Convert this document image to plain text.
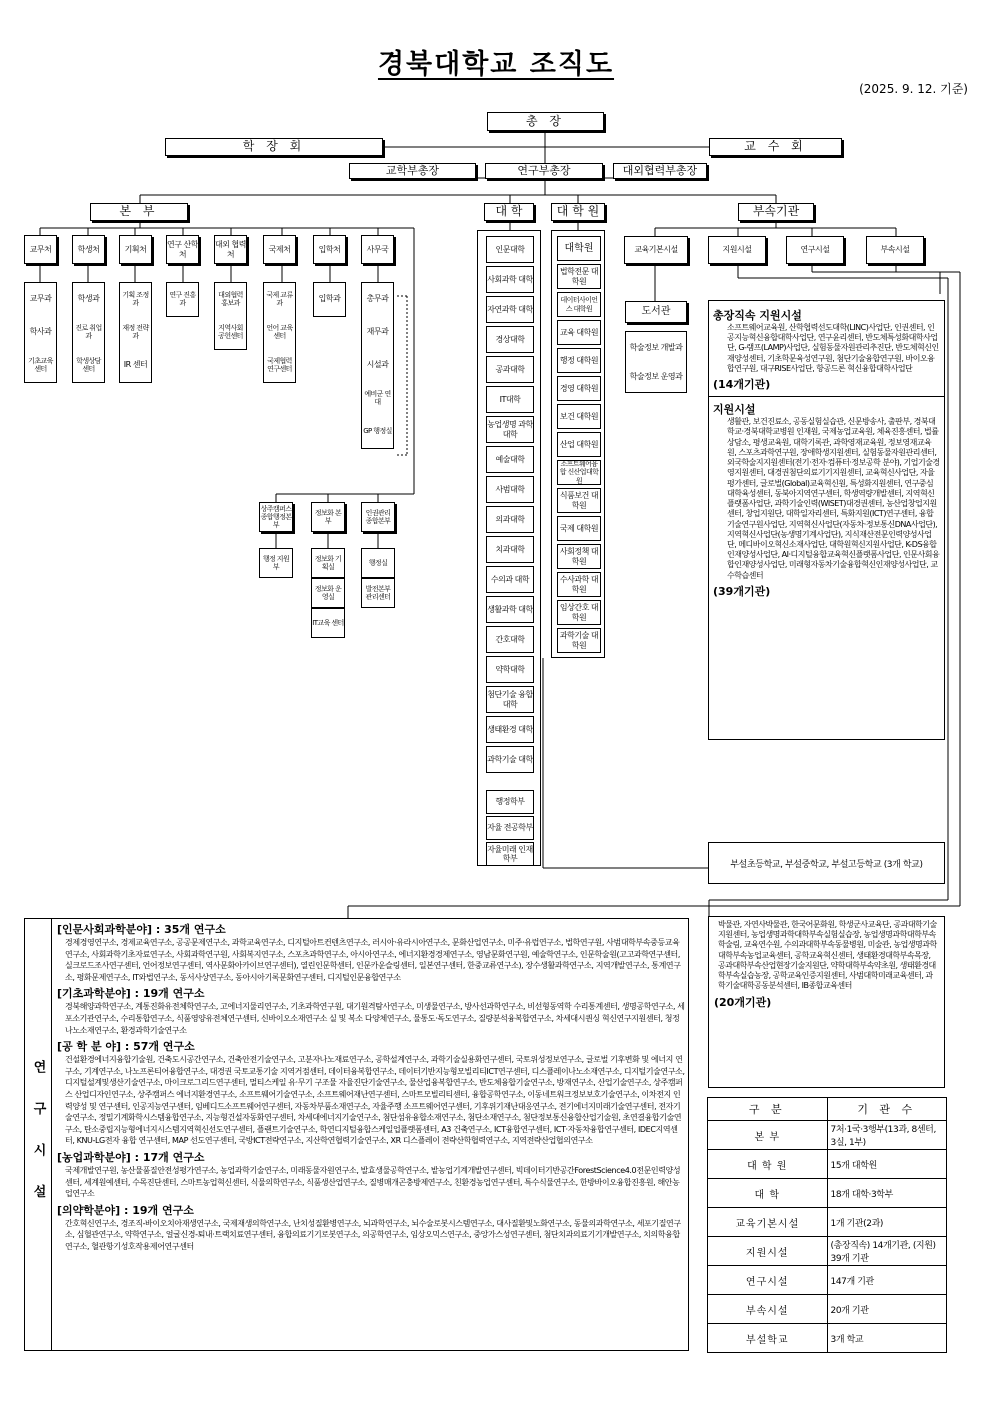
경북대학교 조직도
(2025. 9. 12. 기준)
총 장
학 장 회	교 수 회
교학부총장	연구부총장	대외협력부총장
본 부	대 학	대 학 원	부속기관
교무처
교무과
학사과
기초교육 센터
학생처
학생과
진로 취업과
학생상담 센터
기획처
기획 조정과
재정 전략과
IR 센터
연구 산학처
연구 진흥과
대외 협력처
대외협력 홍보과
지역사회 공헌센터
국제처
국제 교류과
언어 교육센터
국제협력 연구센터
입학처
입학과
사무국
총무과
재무과
시설과
예비군 연대
GP 행정실
상주캠퍼스 종합행정본부
행정 지원부
정보화 본부
정보화 기획실
정보화 운영실
IT교육 센터
인권관리 종합본부
행정실
발전본부 관리센터
인문대학
사회과학 대학
자연과학 대학
경상대학
공과대학
IT대학
농업생명 과학대학
예술대학
사범대학
의과대학
치과대학
수의과 대학
생활과학 대학
간호대학
약학대학
첨단기술 융합대학
생태환경 대학
과학기술 대학
행정학부
자율 전공학부
자율미래 인재학부
대학원
법학전문 대학원
데이터사이언스 대학원
교육 대학원
행정 대학원
경영 대학원
보건 대학원
산업 대학원
소프트웨어융합 신산업대학원
식품보건 대학원
국제 대학원
사회정책 대학원
수사과학 대학원
임상간호 대학원
과학기술 대학원
교육기본시설	지원시설	연구시설	부속시설
도서관
학술정보 개발과
학술정보 운영과
총장직속 지원시설
소프트웨어교육원, 산학협력선도대학(LINC)사업단, 인권센터, 인공지능혁신융합대학사업단, 연구윤리센터, 반도체특성화대학사업단, G-램프(LAMP)사업단, 실험동물자원관리추진단, 반도체혁신인재양성센터, 기초학문육성연구원, 첨단기술융합연구원, 바이오융합연구원, 대구RISE사업단, 항공드론 혁신융합대학사업단
(14개기관)
지원시설
생활관, 보건진료소, 공동실험실습관, 신문방송사, 출판부, 경북대학교·경북대학교병원 인재원, 국제농업교육원, 체육진흥센터, 법률상담소, 평생교육원, 대학기록관, 과학영재교육원, 정보영재교육원, 스포츠과학연구원, 장애학생지원센터, 실험동물자원관리센터, 외국학술지지원센터(전기·전자·컴퓨터·정보공학 분야), 기업기술경영지원센터, 대경권첨단의료기기지원센터, 교육혁신사업단, 자율평가센터, 글로벌(Global)교육혁신원, 특성화지원센터, 연구중심대학육성센터, 동북아지역연구센터, 학생역량개발센터, 지역혁신플랫폼사업단, 과학기술인력(WISET)대경권센터, 농산업창업지원센터, 창업지원단, 대학일자리센터, 특화지원(ICT)연구센터, 융합기술연구원사업단, 지역혁신사업단(자동차·정보통신DNA사업단), 지역혁신사업단(농생명기계사업단), 지식재산전문인력양성사업단, 메디바이오혁신소재사업단, 대학원혁신지원사업단, K-DS융합인재양성사업단, AI·디지털융합교육혁신플랫폼사업단, 인문사회융합인재양성사업단, 미래형자동차기술융합혁신인재양성사업단, 교수학습센터
(39개기관)
부설초등학교, 부설중학교, 부설고등학교 (3개 학교)
박물관, 자연사박물관, 한국어문화원, 학생군사교육단, 공과대학기술지원센터, 농업생명과학대학부속실험실습장, 농업생명과학대학부속학술림, 교육연수원, 수의과대학부속동물병원, 미술관, 농업생명과학대학부속농업교육센터, 공학교육혁신센터, 생태환경대학부속목장, 공과대학부속산업현장기술지원단, 약학대학부속약초원, 생태환경대학부속실습농장, 공학교육인증지원센터, 사범대학미래교육센터, 과학기술대학공동분석센터, IB종합교육센터
(20개기관)
연 구 시 설
[인문사회과학분야] : 35개 연구소
경제경영연구소, 경제교육연구소, 공공문제연구소, 과학교육연구소, 디지털아트컨텐츠연구소, 러시아·유라시아연구소, 문화산업연구소, 미주·유럽연구소, 법학연구원, 사범대학부속중등교육연구소, 사회과학기초자료연구소, 사회과학연구원, 사회복지연구소, 스포츠과학연구소, 아시아연구소, 에너지환경경제연구소, 영남문화연구원, 예술학연구소, 인문학술원(고고과학연구센터, 실크로드조사연구센터, 언어정보연구센터, 역사문화아카이브연구센터), 열린인문학센터, 인문카운슬링센터, 일본연구센터, 한중교류연구소), 장수생활과학연구소, 지역개발연구소, 통계연구소, 평화문제연구소, IT와법연구소, 동서사상연구소, 동아시아기록문화연구센터, 디지털인문융합연구소
[기초과학분야] : 19개 연구소
경북해양과학연구소, 계통진화유전체학연구소, 고에너지물리연구소, 기초과학연구원, 대기원격탐사연구소, 미생물연구소, 방사선과학연구소, 비선형동역학 수리통계센터, 생명공학연구소, 세포소기관연구소, 수리통합연구소, 식품영양유전체연구센터, 신바이오소재연구소 실 및 복소 다양체연구소, 물통도·독도연구소, 질량분석융복합연구소, 차세대시퀀싱 혁신연구지원센터, 청정나노소재연구소, 환경과학기술연구소
[공 학 분 야] : 57개 연구소
건설환경에너지융합기술원, 건축도시공간연구소, 건축안전기술연구소, 고분자나노재료연구소, 공학설계연구소, 과학기술실용화연구센터, 국토위성정보연구소, 글로벌 기후변화 및 에너지 연구소, 기계연구소, 나노프론티어융합연구소, 대경권 국토교통기술 지역거점센터, 데이터융복합연구소, 데이터기반지능형모빌리티ICT연구센터, 디스플레이나노소재연구소, 디지털기술연구소, 디지털설계및생산기술연구소, 마이크로그리드연구센터, 멀티스케일 유·무기 구조물 자율진단기술연구소, 물산업융복합연구소, 반도체융합기술연구소, 방재연구소, 산업기술연구소, 상주캠퍼스 산업디자인연구소, 상주캠퍼스 에너지환경연구소, 소프트웨어기술연구소, 소프트웨어재난연구센터, 스마트모빌리티센터, 융합공학연구소, 이동네트워크정보보호기술연구소, 이차전지 인력양성 및 연구센터, 인공지능연구센터, 임베디드소프트웨어연구센터, 자동차부품소재연구소, 자율주행 소프트웨어연구센터, 기후위기재난대응연구소, 전기에너지미래기술연구센터, 전자기술연구소, 정밀기계화학시스템융합연구소, 지능형건설자동화연구센터, 차세대에너지기술연구소, 첨단섬유융합소재연구소, 첨단소재연구소, 첨단정보통신융합산업기술원, 초연결융합기술연구소, 탄소중립지능형에너지시스템지역혁신선도연구센터, 플랜트기술연구소, 학연디지털융합스케일업플랫폼센터, A3 건축연구소, ICT융합연구센터, ICT·자동차융합연구센터, IDEC지역센터, KNU-LG전자 융합 연구센터, MAP 선도연구센터, 국방ICT전략연구소, 지산학연협력기술연구소, XR 디스플레이 전략산학협력연구소, 지역전략산업협의연구소
[농업과학분야] : 17개 연구소
국제개발연구원, 농산물품질안전성평가연구소, 농업과학기술연구소, 미래동물자원연구소, 발효생물공학연구소, 밭농업기계개발연구센터, 빅데이터기반공간ForestScience4.0전문인력양성센터, 세계원예센터, 수목진단센터, 스마트농업혁신센터, 식물의학연구소, 식품생산업연구소, 질병매개곤충방제연구소, 친환경농업연구센터, 특수식물연구소, 한방바이오융합진흥원, 해안농업연구소
[의약학분야] : 19개 연구소
간호혁신연구소, 경조직-바이오치아재생연구소, 국제재생의학연구소, 난치성질환병연구소, 뇌과학연구소, 뇌수술로봇시스템연구소, 대사질환및노화연구소, 동물의과학연구소, 세포기질연구소, 심혈관연구소, 약학연구소, 얼굴신경-퇴내·트랙치료연구센터, 융합의료기기로봇연구소, 의공학연구소, 임상오믹스연구소, 중앙가스성연구센터, 첨단치과의료기기개발연구소, 치의학융합연구소, 혈관항기성호작용제어연구센터
구 분	기 관 수
본 부	7처·1국·3행부(13과, 8센터, 3실, 1부)
대 학 원	15개 대학원
대 학	18개 대학·3학부
교육기본시설	1개 기관(2과)
지원시설	(총장직속) 14개기관, (지원) 39개 기관
연구시설	147개 기관
부속시설	20개 기관
부설학교	3개 학교
